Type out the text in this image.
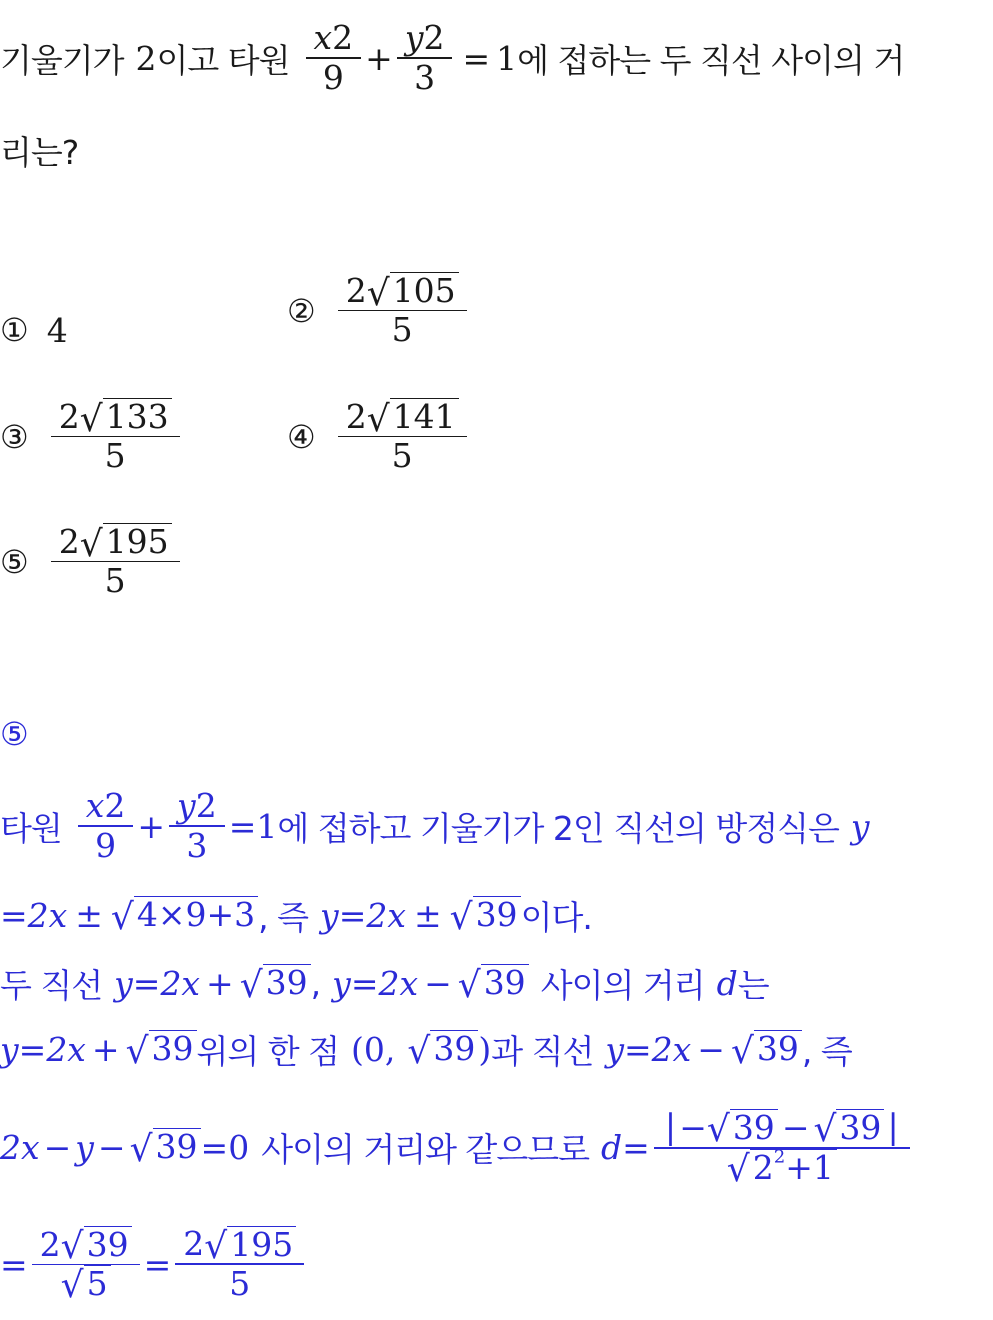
기울기가 2 이고 타원 $\frac{x 2}{9} + \frac{y 2}{3} = 1$ 에 접하는 두 직선 사이의 거
리는?
① 4	② $\frac{2 √ 105}{5}$
③ $\frac{2 √ 133}{5}$	④ $\frac{2 √ 141}{5}$
⑤ $\frac{2 √ 195}{5}$
⑤
타원 $\frac{x 2}{9} + \frac{y 2}{3} = 1$ 에 접하고 기울기가 2인 직선의 방정식은 y
= 2x ± √ 4×9+3 , 즉 y = 2x ± √ 39 이다.
두 직선 y = 2x + √ 39 , y = 2x − √ 39 사이의 거리 d 는
y = 2x + √ 39 위의 한 점 (0, √ 39 ) 과 직선 y = 2x − √ 39 , 즉
2x − y − √ 39 = 0 사이의 거리와 같으므로 $d = \frac{| - √ 39 - √ 39 |}{√ 2^2+1}$
= $\frac{2 √ 39}{√ 5} = \frac{2 √ 195}{5}$
